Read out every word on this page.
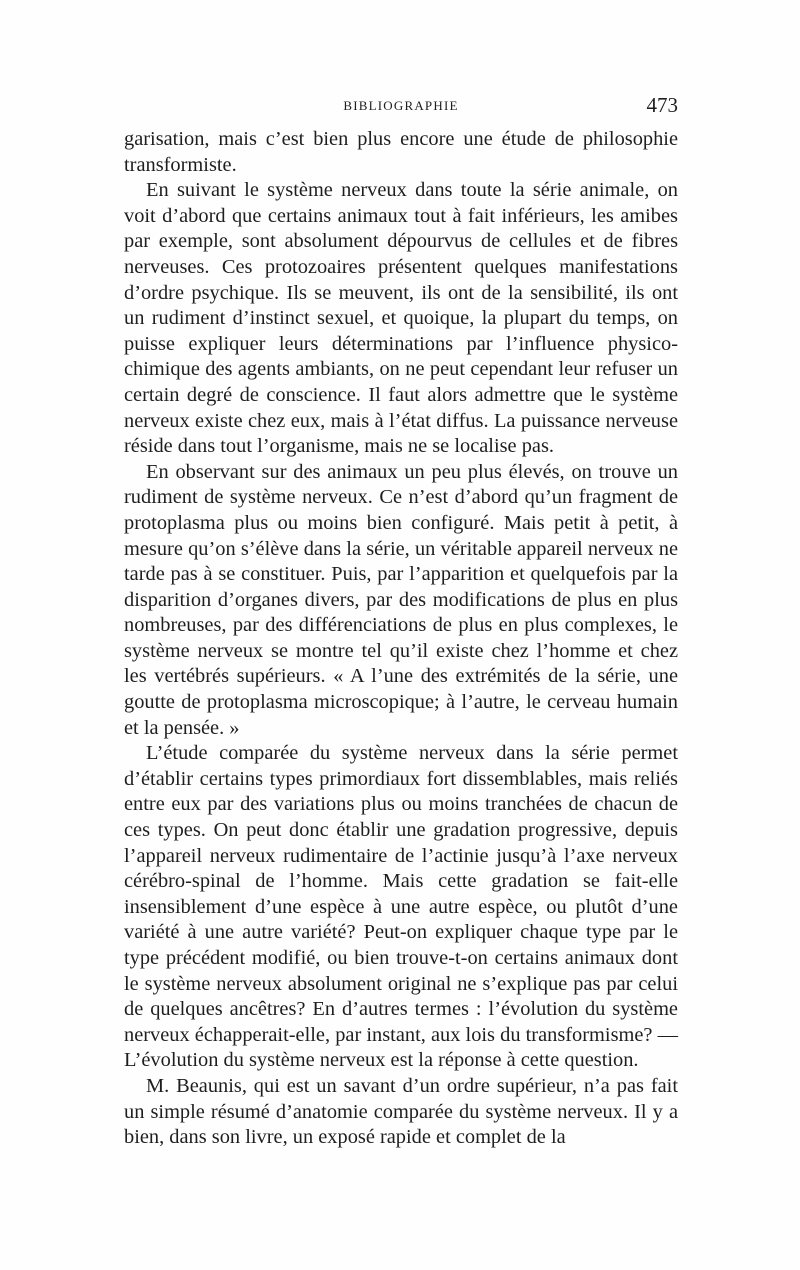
BIBLIOGRAPHIE	473

garisation, mais c’est bien plus encore une étude de philosophie transformiste.

En suivant le système nerveux dans toute la série animale, on voit d’abord que certains animaux tout à fait inférieurs, les amibes par exemple, sont absolument dépourvus de cellules et de fibres nerveuses. Ces protozoaires présentent quelques manifestations d’ordre psychique. Ils se meuvent, ils ont de la sensibilité, ils ont un rudiment d’instinct sexuel, et quoique, la plupart du temps, on puisse expliquer leurs déterminations par l’influence physico-chimique des agents ambiants, on ne peut cependant leur refuser un certain degré de conscience. Il faut alors admettre que le système nerveux existe chez eux, mais à l’état diffus. La puissance nerveuse réside dans tout l’organisme, mais ne se localise pas.

En observant sur des animaux un peu plus élevés, on trouve un rudiment de système nerveux. Ce n’est d’abord qu’un fragment de protoplasma plus ou moins bien configuré. Mais petit à petit, à mesure qu’on s’élève dans la série, un véritable appareil nerveux ne tarde pas à se constituer. Puis, par l’apparition et quelquefois par la disparition d’organes divers, par des modifications de plus en plus nombreuses, par des différenciations de plus en plus complexes, le système nerveux se montre tel qu’il existe chez l’homme et chez les vertébrés supérieurs. « A l’une des extrémités de la série, une goutte de protoplasma microscopique; à l’autre, le cerveau humain et la pensée. »

L’étude comparée du système nerveux dans la série permet d’établir certains types primordiaux fort dissemblables, mais reliés entre eux par des variations plus ou moins tranchées de chacun de ces types. On peut donc établir une gradation progressive, depuis l’appareil nerveux rudimentaire de l’actinie jusqu’à l’axe nerveux cérébro-spinal de l’homme. Mais cette gradation se fait-elle insensiblement d’une espèce à une autre espèce, ou plutôt d’une variété à une autre variété? Peut-on expliquer chaque type par le type précédent modifié, ou bien trouve-t-on certains animaux dont le système nerveux absolument original ne s’explique pas par celui de quelques ancêtres? En d’autres termes : l’évolution du système nerveux échapperait-elle, par instant, aux lois du transformisme? — L’évolution du système nerveux est la réponse à cette question.

M. Beaunis, qui est un savant d’un ordre supérieur, n’a pas fait un simple résumé d’anatomie comparée du système nerveux. Il y a bien, dans son livre, un exposé rapide et complet de la
